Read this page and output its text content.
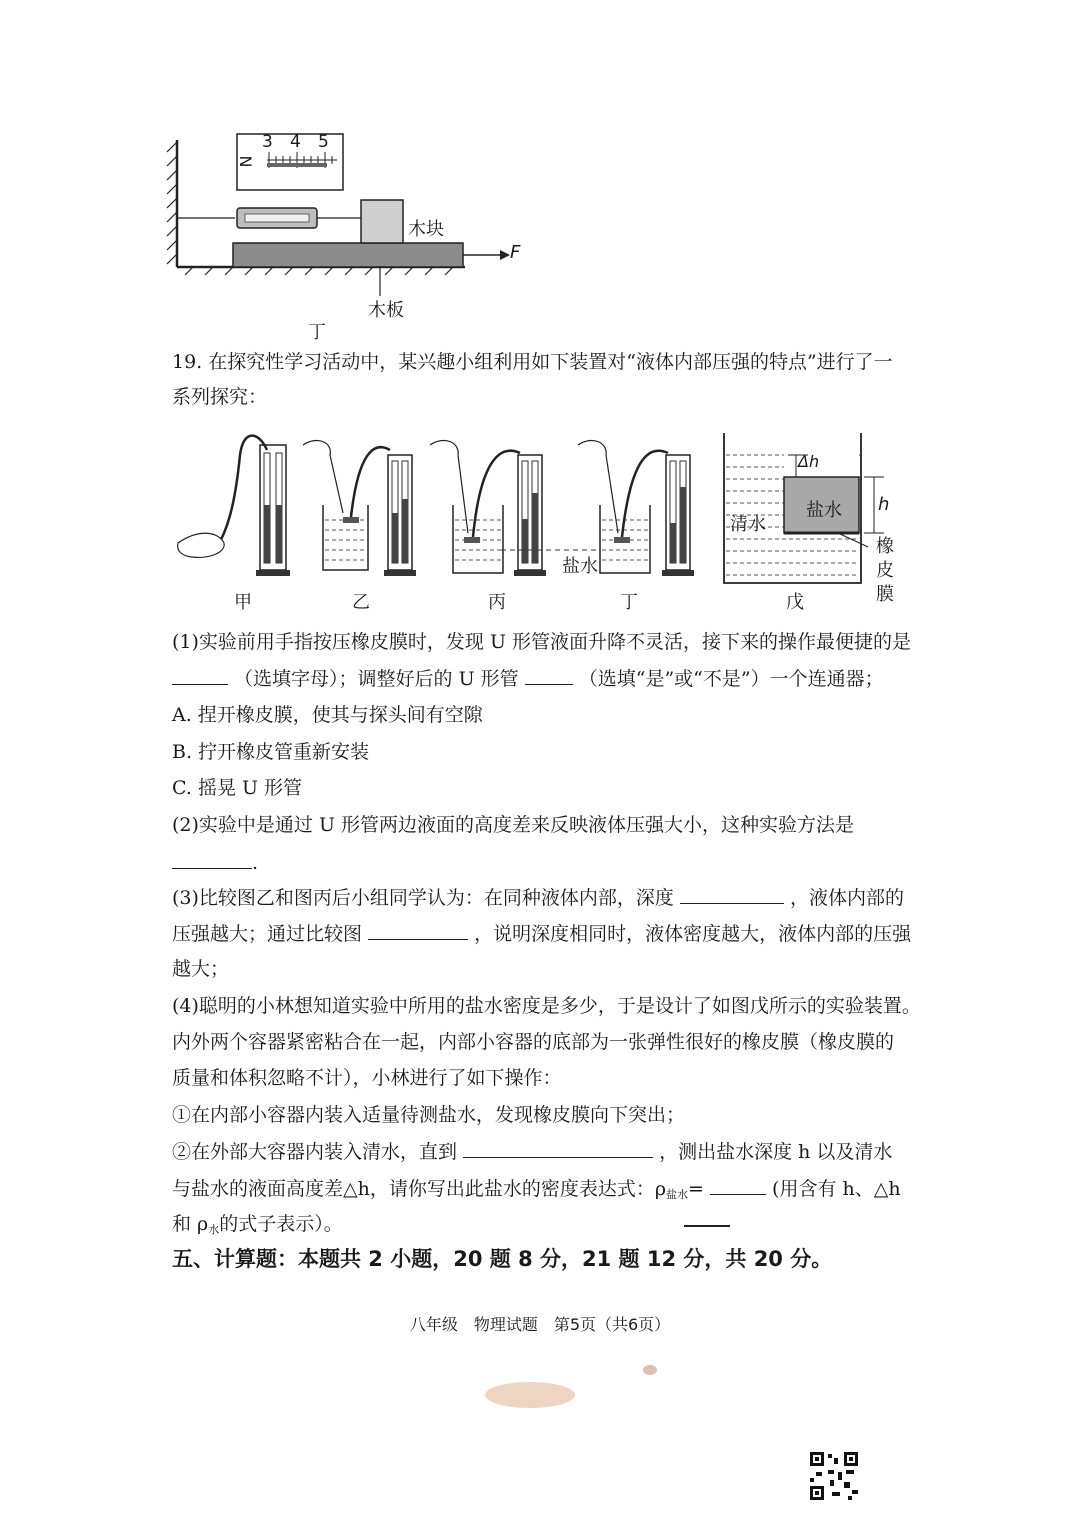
3 4 5
N
木块
F
木板
丁
19. 在探究性学习活动中，某兴趣小组利用如下装置对“液体内部压强的特点”进行了一
系列探究：
甲	乙	丙	丁	戊
盐水
盐水
清水
Δh
h
橡
皮
膜
(1)实验前用手指按压橡皮膜时，发现 U 形管液面升降不灵活，接下来的操作最便捷的是
（选填字母）；调整好后的 U 形管	（选填“是”或“不是”）一个连通器；
A. 捏开橡皮膜，使其与探头间有空隙
B. 拧开橡皮管重新安装
C. 摇晃 U 形管
(2)实验中是通过 U 形管两边液面的高度差来反映液体压强大小，这种实验方法是
.
(3)比较图乙和图丙后小组同学认为：在同种液体内部，深度	，液体内部的
压强越大；通过比较图	，说明深度相同时，液体密度越大，液体内部的压强
越大；
(4)聪明的小林想知道实验中所用的盐水密度是多少，于是设计了如图戊所示的实验装置。
内外两个容器紧密粘合在一起，内部小容器的底部为一张弹性很好的橡皮膜（橡皮膜的
质量和体积忽略不计），小林进行了如下操作：
①在内部小容器内装入适量待测盐水，发现橡皮膜向下突出；
②在外部大容器内装入清水，直到	，测出盐水深度 h 以及清水
与盐水的液面高度差△h，请你写出此盐水的密度表达式：$\rho_{盐水}=$	(用含有 h、△h
和 $\rho_水$的式子表示）。
五、计算题：本题共 2 小题，20 题 8 分，21 题 12 分，共 20 分。
八年级　物理试题　第5页（共6页）
